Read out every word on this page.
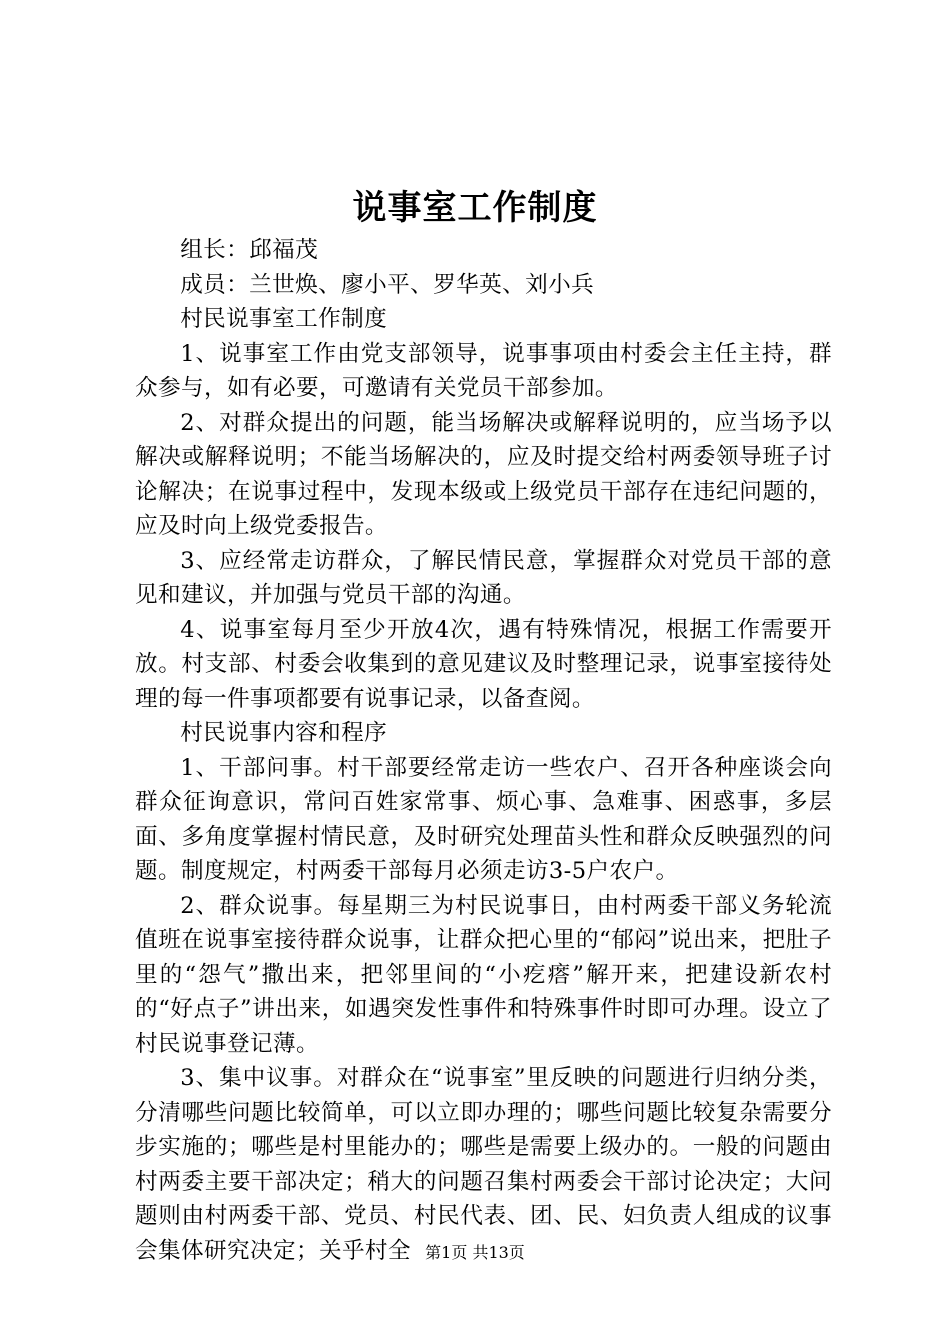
说事室工作制度

组长：邱福茂

成员：兰世焕、廖小平、罗华英、刘小兵

村民说事室工作制度

1、说事室工作由党支部领导，说事事项由村委会主任主持，群众参与，如有必要，可邀请有关党员干部参加。

2、对群众提出的问题，能当场解决或解释说明的，应当场予以解决或解释说明；不能当场解决的，应及时提交给村两委领导班子讨论解决；在说事过程中，发现本级或上级党员干部存在违纪问题的，应及时向上级党委报告。

3、应经常走访群众，了解民情民意，掌握群众对党员干部的意见和建议，并加强与党员干部的沟通。

4、说事室每月至少开放4次，遇有特殊情况，根据工作需要开放。村支部、村委会收集到的意见建议及时整理记录，说事室接待处理的每一件事项都要有说事记录，以备查阅。

村民说事内容和程序

1、干部问事。村干部要经常走访一些农户、召开各种座谈会向群众征询意识，常问百姓家常事、烦心事、急难事、困惑事，多层面、多角度掌握村情民意，及时研究处理苗头性和群众反映强烈的问题。制度规定，村两委干部每月必须走访3-5户农户。

2、群众说事。每星期三为村民说事日，由村两委干部义务轮流值班在说事室接待群众说事，让群众把心里的“郁闷”说出来，把肚子里的“怨气”撒出来，把邻里间的“小疙瘩”解开来，把建设新农村的“好点子”讲出来，如遇突发性事件和特殊事件时即可办理。设立了村民说事登记薄。

3、集中议事。对群众在“说事室”里反映的问题进行归纳分类，分清哪些问题比较简单，可以立即办理的；哪些问题比较复杂需要分步实施的；哪些是村里能办的；哪些是需要上级办的。一般的问题由村两委主要干部决定；稍大的问题召集村两委会干部讨论决定；大问题则由村两委干部、党员、村民代表、团、民、妇负责人组成的议事会集体研究决定；关乎村全 第1页 共13页
